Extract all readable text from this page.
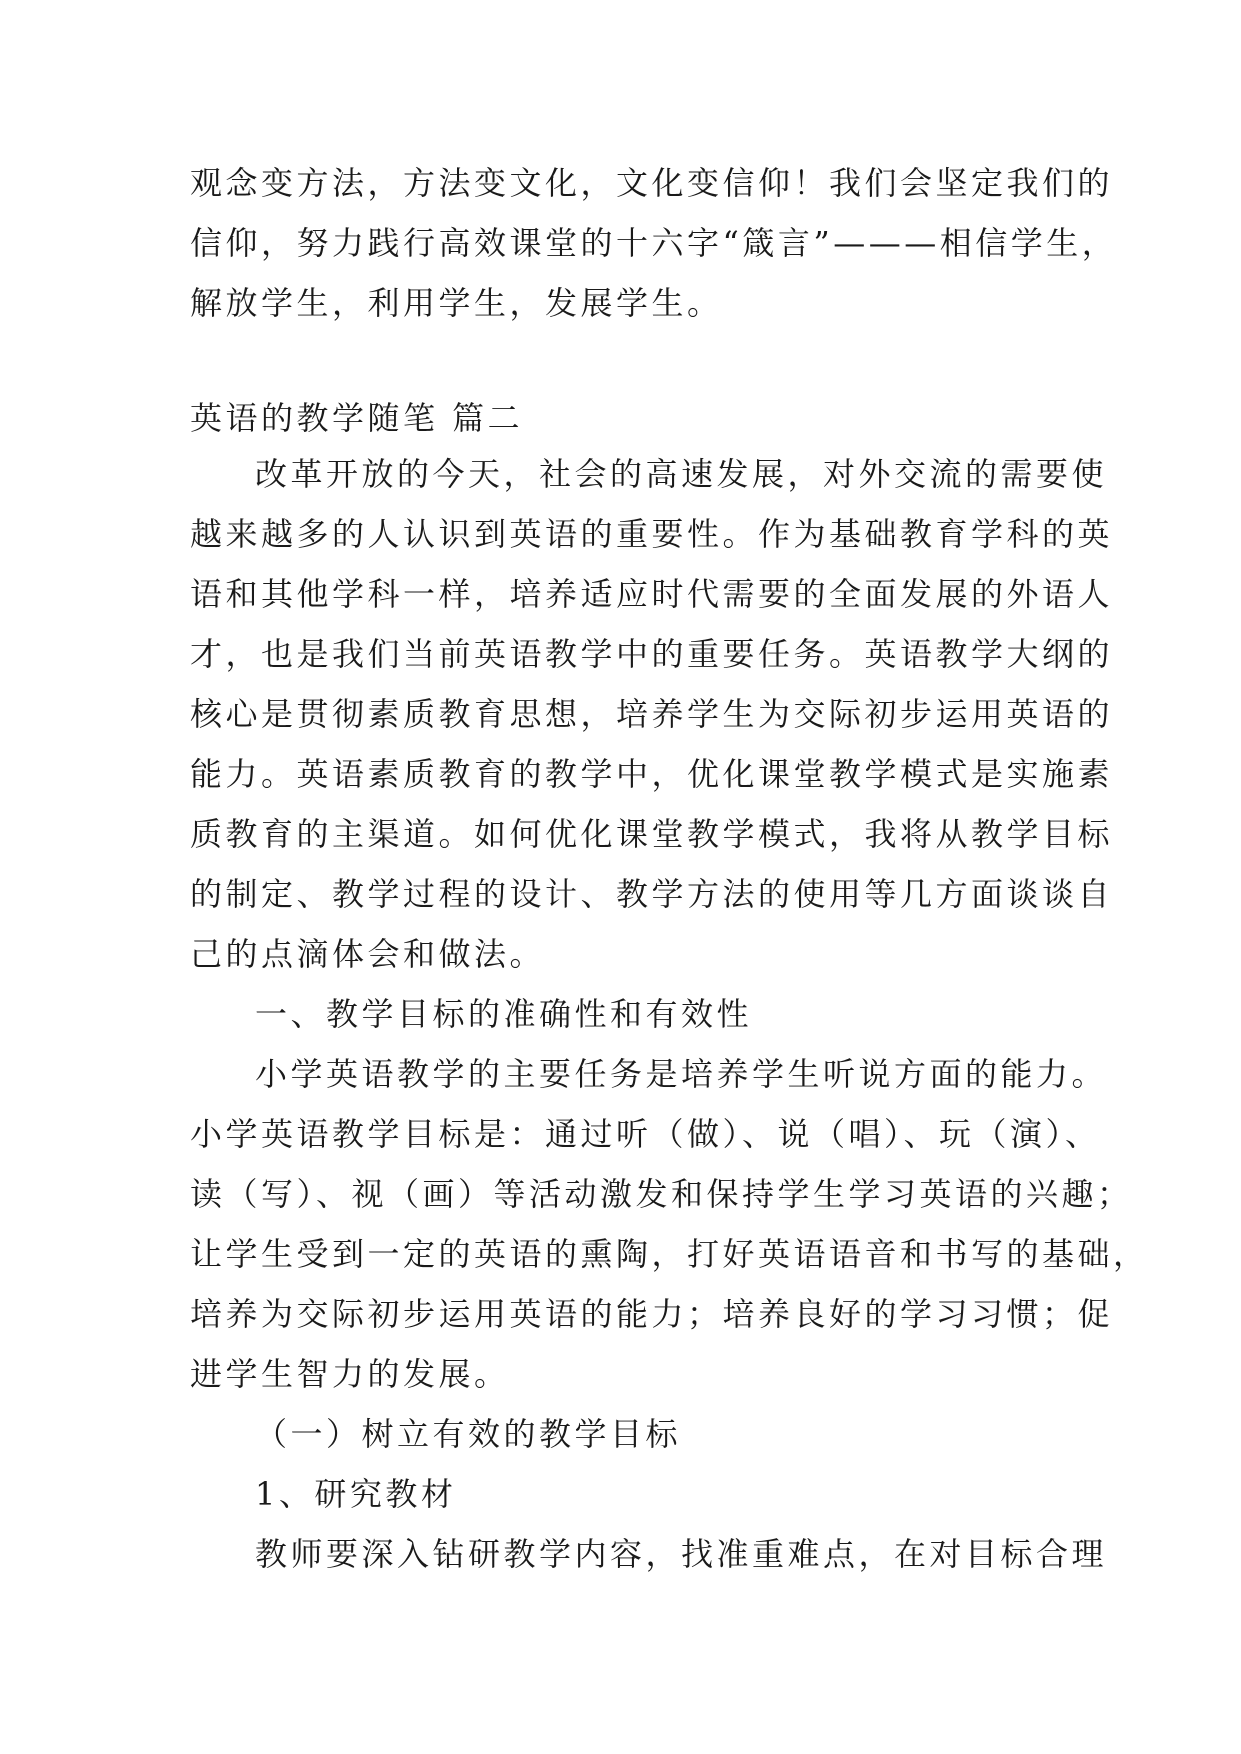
观念变方法，方法变文化，文化变信仰！我们会坚定我们的
信仰，努力践行高效课堂的十六字“箴言”———相信学生，
解放学生，利用学生，发展学生。
英语的教学随笔 篇二
改革开放的今天，社会的高速发展，对外交流的需要使
越来越多的人认识到英语的重要性。作为基础教育学科的英
语和其他学科一样，培养适应时代需要的全面发展的外语人
才，也是我们当前英语教学中的重要任务。英语教学大纲的
核心是贯彻素质教育思想，培养学生为交际初步运用英语的
能力。英语素质教育的教学中，优化课堂教学模式是实施素
质教育的主渠道。如何优化课堂教学模式，我将从教学目标
的制定、教学过程的设计、教学方法的使用等几方面谈谈自
己的点滴体会和做法。
一、教学目标的准确性和有效性
小学英语教学的主要任务是培养学生听说方面的能力。
小学英语教学目标是：通过听（做）、说（唱）、玩（演）、
读（写）、视（画）等活动激发和保持学生学习英语的兴趣；
让学生受到一定的英语的熏陶，打好英语语音和书写的基础，
培养为交际初步运用英语的能力；培养良好的学习习惯；促
进学生智力的发展。
（一）树立有效的教学目标
1、研究教材
教师要深入钻研教学内容，找准重难点，在对目标合理
